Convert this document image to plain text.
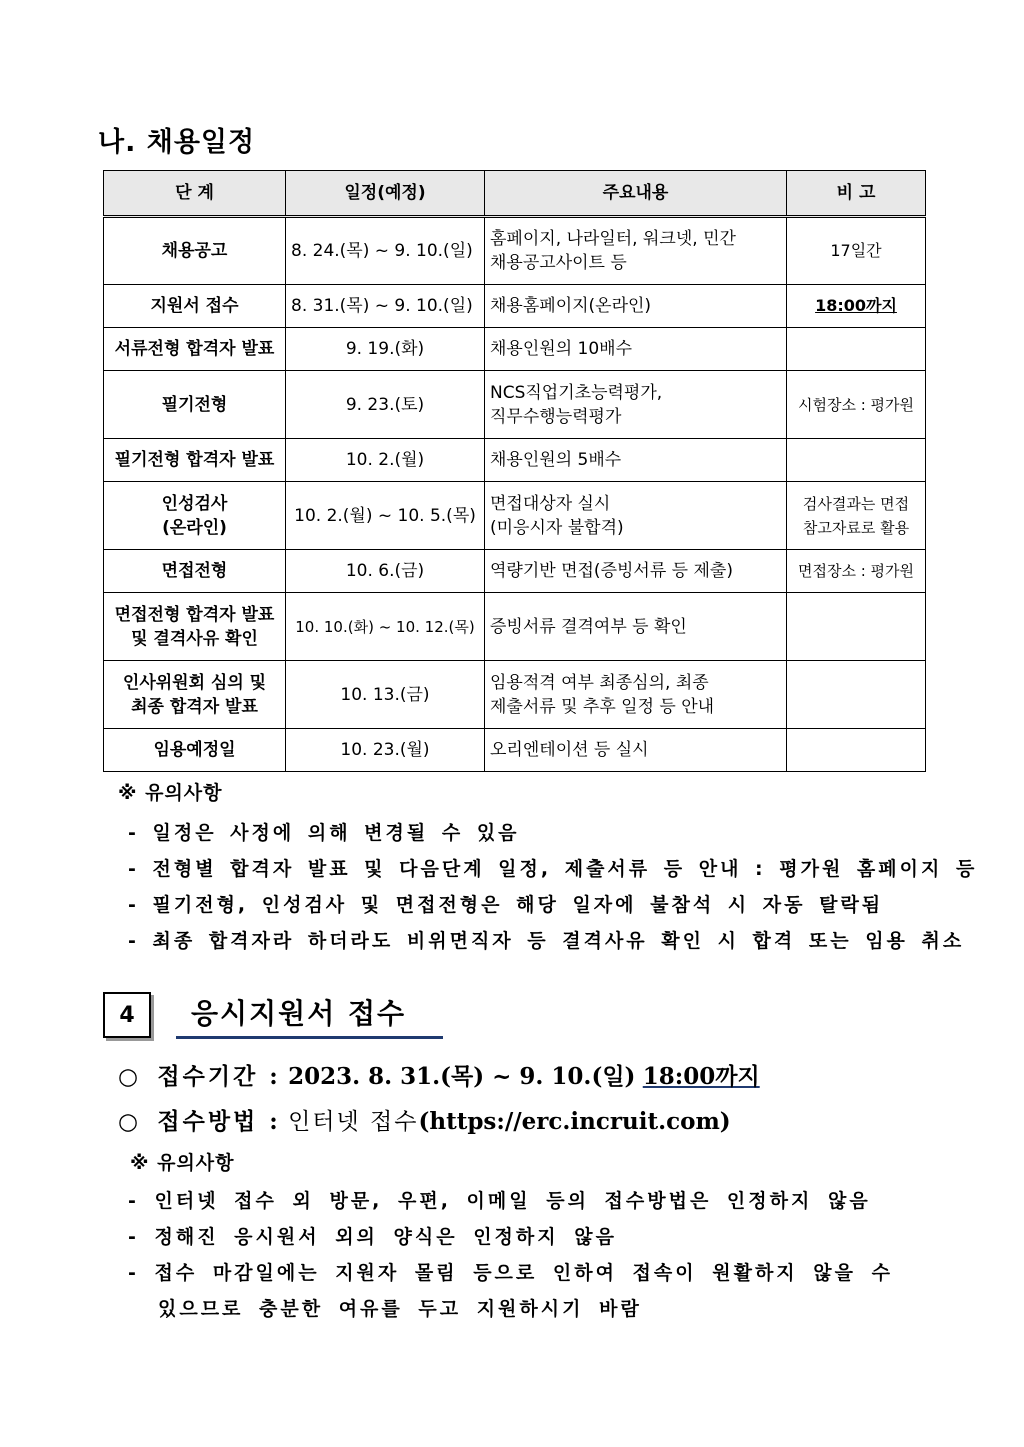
나. 채용일정
단 계	일정(예정)	주요내용	비 고
채용공고	8. 24.(목) ~ 9. 10.(일)	홈페이지, 나라일터, 워크넷, 민간
채용공고사이트 등	17일간
지원서 접수	8. 31.(목) ~ 9. 10.(일)	채용홈페이지(온라인)	18:00까지
서류전형 합격자 발표	9. 19.(화)	채용인원의 10배수	
필기전형	9. 23.(토)	NCS직업기초능력평가,
직무수행능력평가	시험장소 : 평가원
필기전형 합격자 발표	10. 2.(월)	채용인원의 5배수	

인성검사
(온라인)	10. 2.(월) ~ 10. 5.(목)	면접대상자 실시
(미응시자 불합격)	검사결과는 면접
참고자료로 활용

면접전형	10. 6.(금)	역량기반 면접(증빙서류 등 제출)	면접장소 : 평가원

면접전형 합격자 발표
및 결격사유 확인	10. 10.(화) ~ 10. 12.(목)	증빙서류 결격여부 등 확인	

인사위원회 심의 및
최종 합격자 발표	10. 13.(금)	임용적격 여부 최종심의, 최종
제출서류 및 추후 일정 등 안내	

임용예정일	10. 23.(월)	오리엔테이션 등 실시	
※ 유의사항
- 일정은 사정에 의해 변경될 수 있음
- 전형별 합격자 발표 및 다음단계 일정, 제출서류 등 안내 : 평가원 홈페이지 등
- 필기전형, 인성검사 및 면접전형은 해당 일자에 불참석 시 자동 탈락됨
- 최종 합격자라 하더라도 비위면직자 등 결격사유 확인 시 합격 또는 임용 취소
4	응시지원서 접수
○ 접수기간 : 2023. 8. 31.(목) ~ 9. 10.(일) 18:00까지
○ 접수방법 : 인터넷 접수(https://erc.incruit.com)
※ 유의사항
- 인터넷 접수 외 방문, 우편, 이메일 등의 접수방법은 인정하지 않음
- 정해진 응시원서 외의 양식은 인정하지 않음
- 접수 마감일에는 지원자 몰림 등으로 인하여 접속이 원활하지 않을 수
있으므로 충분한 여유를 두고 지원하시기 바람
